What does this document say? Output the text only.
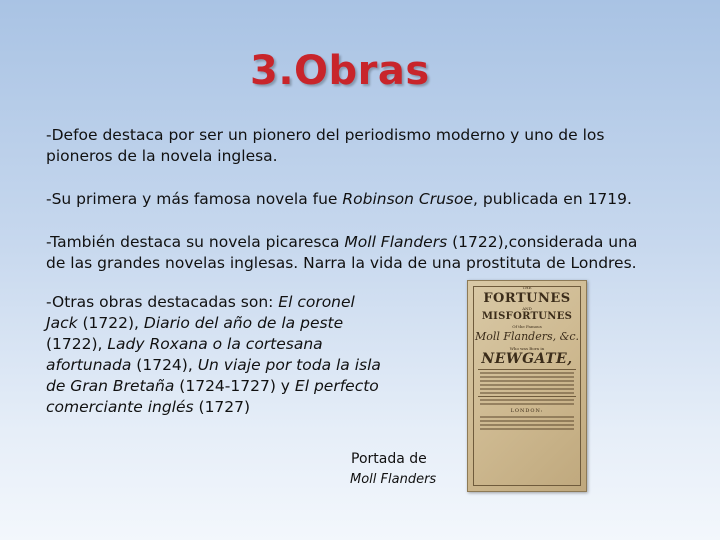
3.Obras

-Defoe destaca por ser un pionero del periodismo moderno y uno de los pioneros de la novela inglesa.

-Su primera y más famosa novela fue Robinson Crusoe, publicada en 1719.

-También destaca su novela picaresca Moll Flanders (1722),considerada una de las grandes novelas inglesas. Narra la vida de una prostituta de Londres.

-Otras obras destacadas son: El coronel Jack (1722), Diario del año de la peste (1722), Lady Roxana o la cortesana afortunada (1724), Un viaje por toda la isla de Gran Bretaña (1724-1727) y El perfecto comerciante inglés (1727)

THE
FORTUNES
AND
MISFORTUNES
Of the Famous
Moll Flanders, &c.
Who was Born in
NEWGATE,
LONDON:
Portada de
Moll Flanders
